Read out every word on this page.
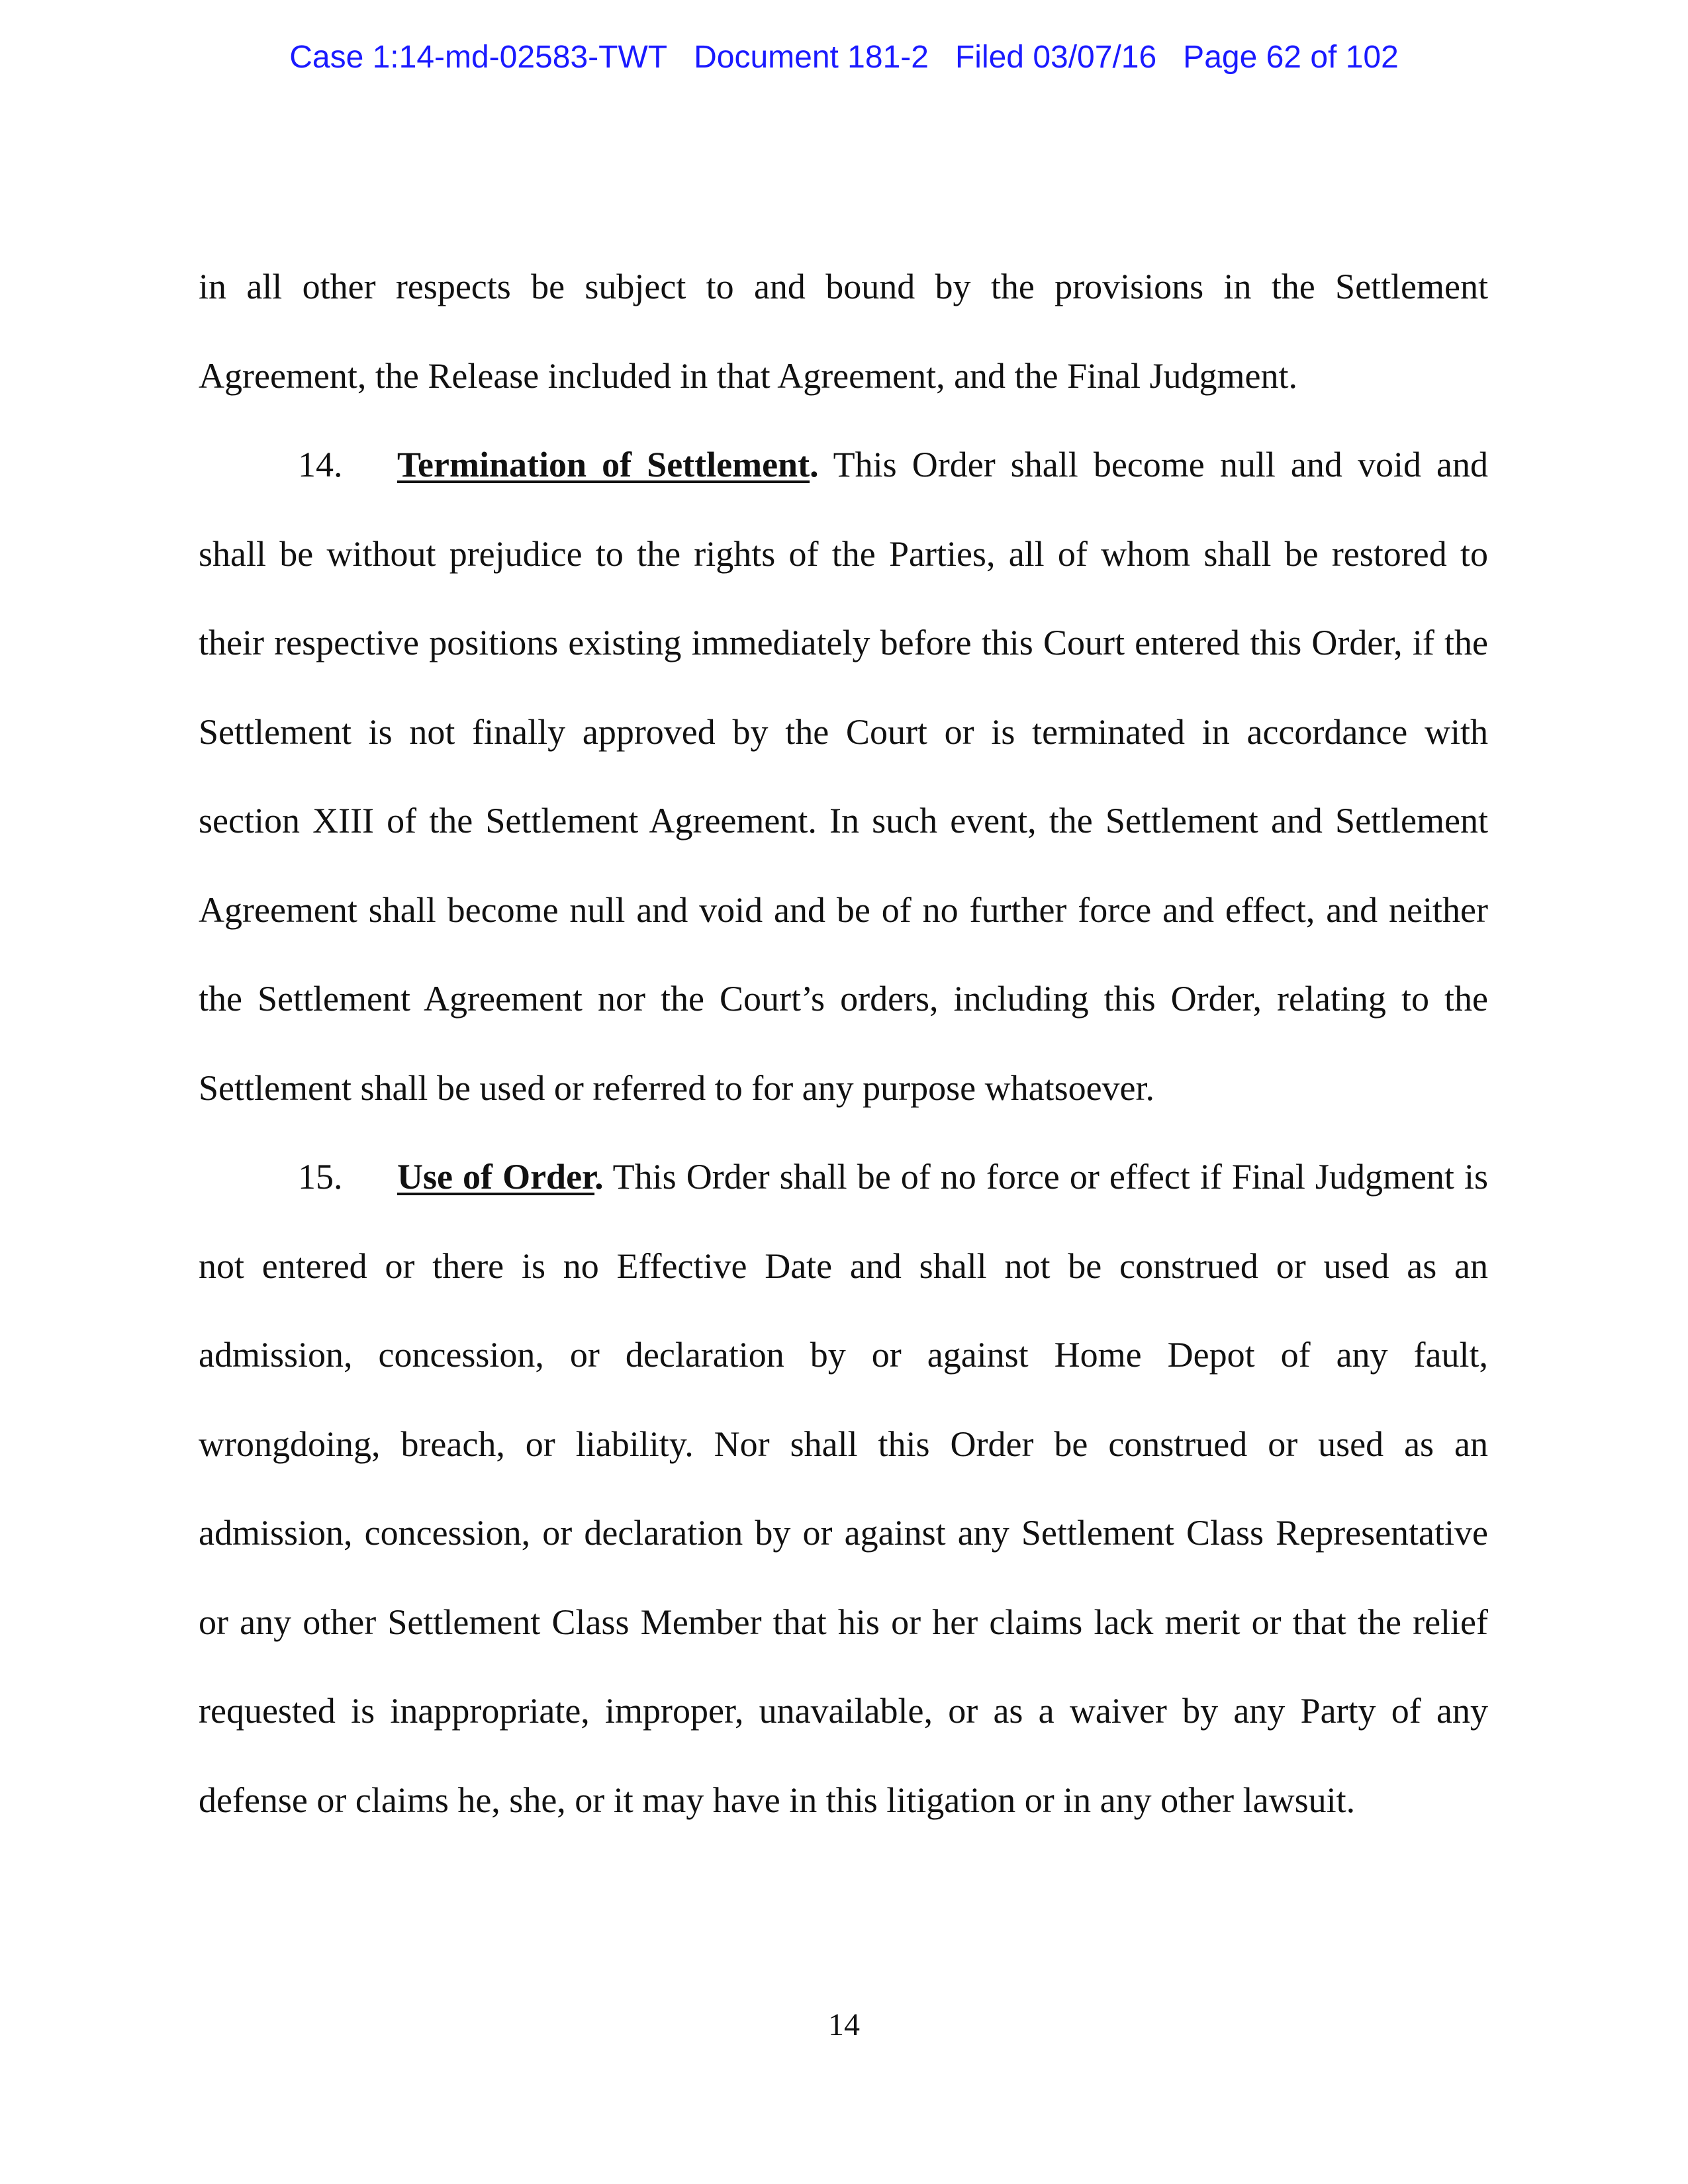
Case 1:14-md-02583-TWT Document 181-2 Filed 03/07/16 Page 62 of 102

in all other respects be subject to and bound by the provisions in the Settlement Agreement, the Release included in that Agreement, and the Final Judgment.

14. Termination of Settlement. This Order shall become null and void and shall be without prejudice to the rights of the Parties, all of whom shall be restored to their respective positions existing immediately before this Court entered this Order, if the Settlement is not finally approved by the Court or is terminated in accordance with section XIII of the Settlement Agreement. In such event, the Settlement and Settlement Agreement shall become null and void and be of no further force and effect, and neither the Settlement Agreement nor the Court’s orders, including this Order, relating to the Settlement shall be used or referred to for any purpose whatsoever.

15. Use of Order. This Order shall be of no force or effect if Final Judgment is not entered or there is no Effective Date and shall not be construed or used as an admission, concession, or declaration by or against Home Depot of any fault, wrongdoing, breach, or liability. Nor shall this Order be construed or used as an admission, concession, or declaration by or against any Settlement Class Representative or any other Settlement Class Member that his or her claims lack merit or that the relief requested is inappropriate, improper, unavailable, or as a waiver by any Party of any defense or claims he, she, or it may have in this litigation or in any other lawsuit.

14
